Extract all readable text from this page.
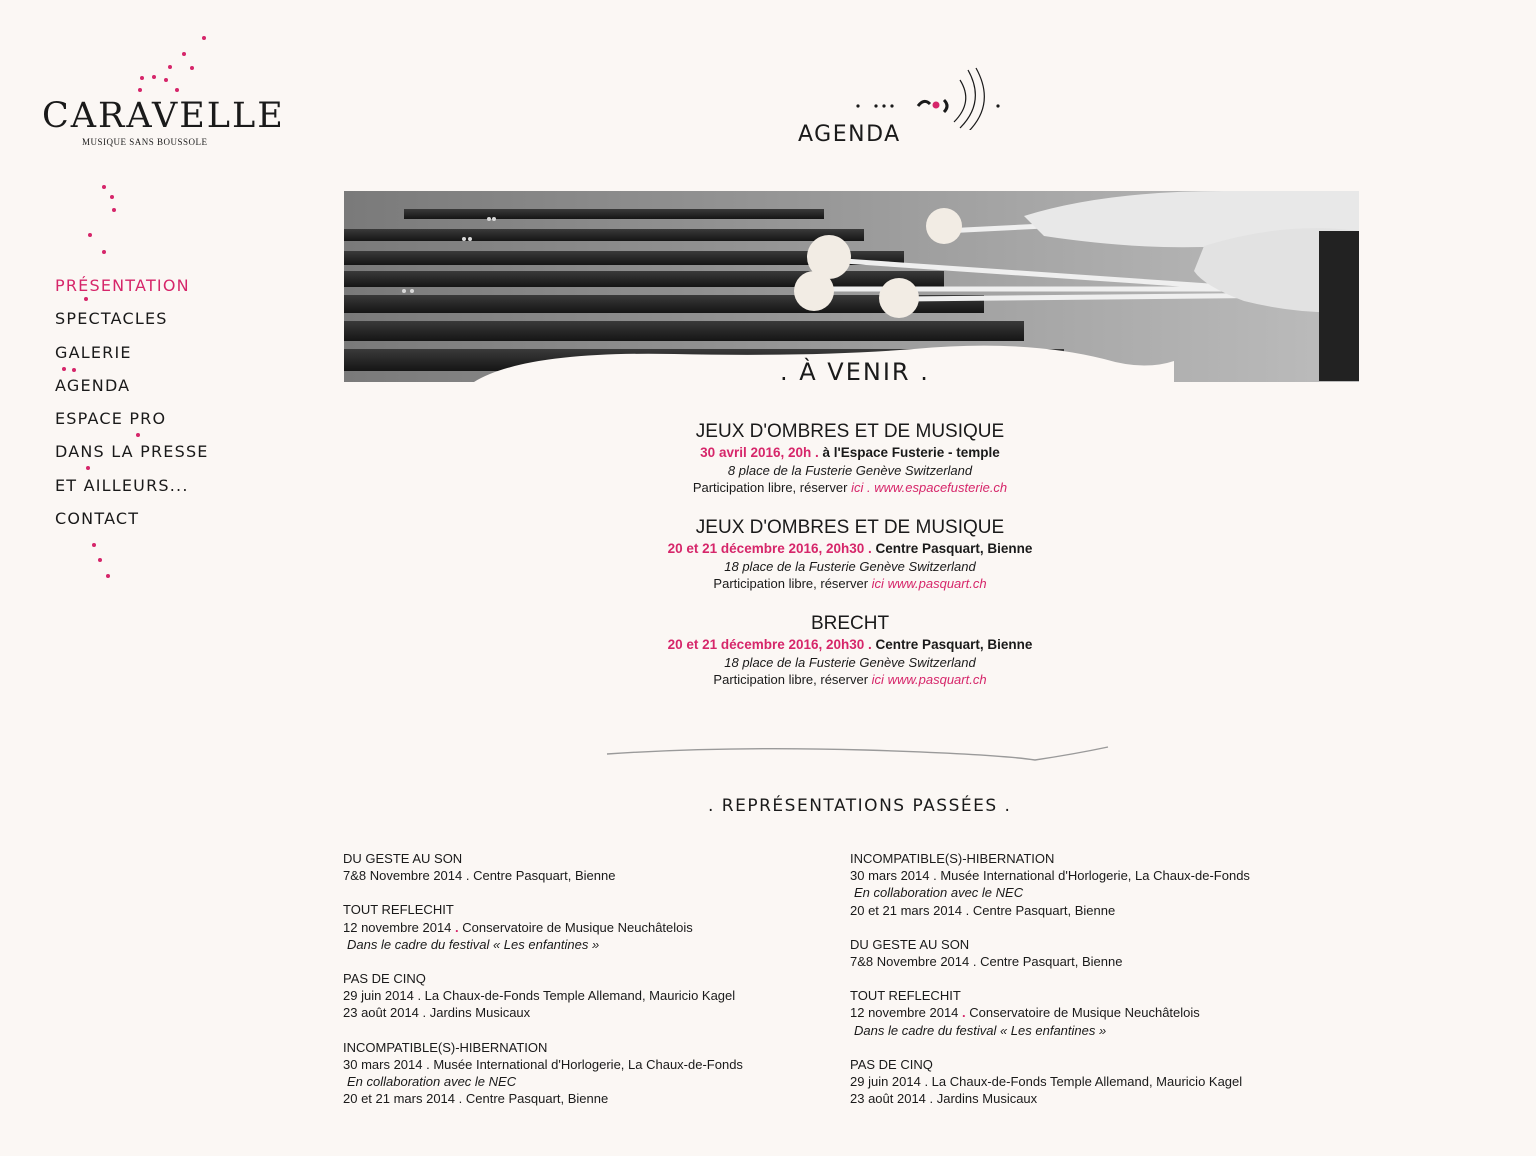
CARAVELLE
MUSIQUE SANS BOUSSOLE
PRÉSENTATION
SPECTACLES
GALERIE
AGENDA
ESPACE PRO
DANS LA PRESSE
ET AILLEURS...
CONTACT
AGENDA
. À VENIR .
JEUX D'OMBRES ET DE MUSIQUE
30 avril 2016, 20h . à l'Espace Fusterie - temple
8 place de la Fusterie Genève Switzerland
Participation libre, réserver ici . www.espacefusterie.ch
JEUX D'OMBRES ET DE MUSIQUE
20 et 21 décembre 2016, 20h30 . Centre Pasquart, Bienne
18 place de la Fusterie Genève Switzerland
Participation libre, réserver ici www.pasquart.ch
BRECHT
20 et 21 décembre 2016, 20h30 . Centre Pasquart, Bienne
18 place de la Fusterie Genève Switzerland
Participation libre, réserver ici www.pasquart.ch
. REPRÉSENTATIONS PASSÉES .
DU GESTE AU SON
7&8 Novembre 2014 . Centre Pasquart, Bienne
TOUT REFLECHIT
12 novembre 2014 . Conservatoire de Musique Neuchâtelois
Dans le cadre du festival « Les enfantines »
PAS DE CINQ
29 juin 2014 . La Chaux-de-Fonds Temple Allemand, Mauricio Kagel
23 août 2014 . Jardins Musicaux
INCOMPATIBLE(S)-HIBERNATION
30 mars 2014 . Musée International d'Horlogerie, La Chaux-de-Fonds
En collaboration avec le NEC
20 et 21 mars 2014 . Centre Pasquart, Bienne
INCOMPATIBLE(S)-HIBERNATION
30 mars 2014 . Musée International d'Horlogerie, La Chaux-de-Fonds
En collaboration avec le NEC
20 et 21 mars 2014 . Centre Pasquart, Bienne
DU GESTE AU SON
7&8 Novembre 2014 . Centre Pasquart, Bienne
TOUT REFLECHIT
12 novembre 2014 . Conservatoire de Musique Neuchâtelois
Dans le cadre du festival « Les enfantines »
PAS DE CINQ
29 juin 2014 . La Chaux-de-Fonds Temple Allemand, Mauricio Kagel
23 août 2014 . Jardins Musicaux
